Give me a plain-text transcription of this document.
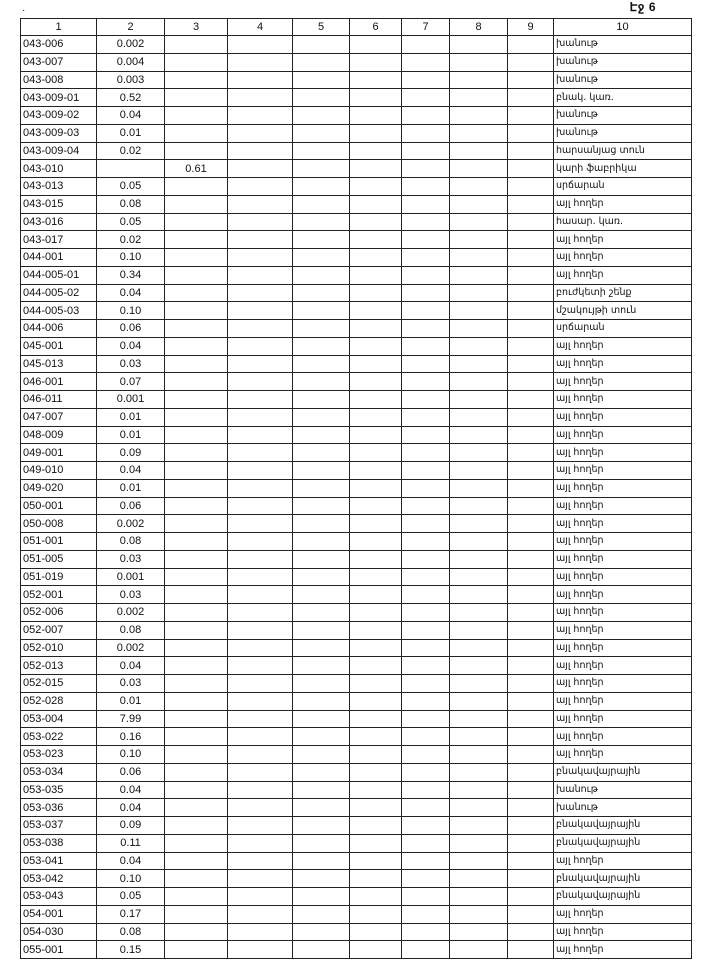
Էջ 6
·
1	2	3	4	5	6	7	8	9	10
043-006	0.002								խանութ
043-007	0.004								խանութ
043-008	0.003								խանութ
043-009-01	0.52								բնակ. կառ.
043-009-02	0.04								խանութ
043-009-03	0.01								խանութ
043-009-04	0.02								հարսանյաց տուն
043-010		0.61							կարի ֆաբրիկա
043-013	0.05								սրճարան
043-015	0.08								այլ հողեր
043-016	0.05								հասար. կառ.
043-017	0.02								այլ հողեր
044-001	0.10								այլ հողեր
044-005-01	0.34								այլ հողեր
044-005-02	0.04								բուժկետի շենք
044-005-03	0.10								մշակույթի տուն
044-006	0.06								սրճարան
045-001	0.04								այլ հողեր
045-013	0.03								այլ հողեր
046-001	0.07								այլ հողեր
046-011	0.001								այլ հողեր
047-007	0.01								այլ հողեր
048-009	0.01								այլ հողեր
049-001	0.09								այլ հողեր
049-010	0.04								այլ հողեր
049-020	0.01								այլ հողեր
050-001	0.06								այլ հողեր
050-008	0.002								այլ հողեր
051-001	0.08								այլ հողեր
051-005	0.03								այլ հողեր
051-019	0.001								այլ հողեր
052-001	0.03								այլ հողեր
052-006	0.002								այլ հողեր
052-007	0.08								այլ հողեր
052-010	0.002								այլ հողեր
052-013	0.04								այլ հողեր
052-015	0.03								այլ հողեր
052-028	0.01								այլ հողեր
053-004	7.99								այլ հողեր
053-022	0.16								այլ հողեր
053-023	0.10								այլ հողեր
053-034	0.06								բնակավայրային
053-035	0.04								խանութ
053-036	0.04								խանութ
053-037	0.09								բնակավայրային
053-038	0.11								բնակավայրային
053-041	0.04								այլ հողեր
053-042	0.10								բնակավայրային
053-043	0.05								բնակավայրային
054-001	0.17								այլ հողեր
054-030	0.08								այլ հողեր
055-001	0.15								այլ հողեր
